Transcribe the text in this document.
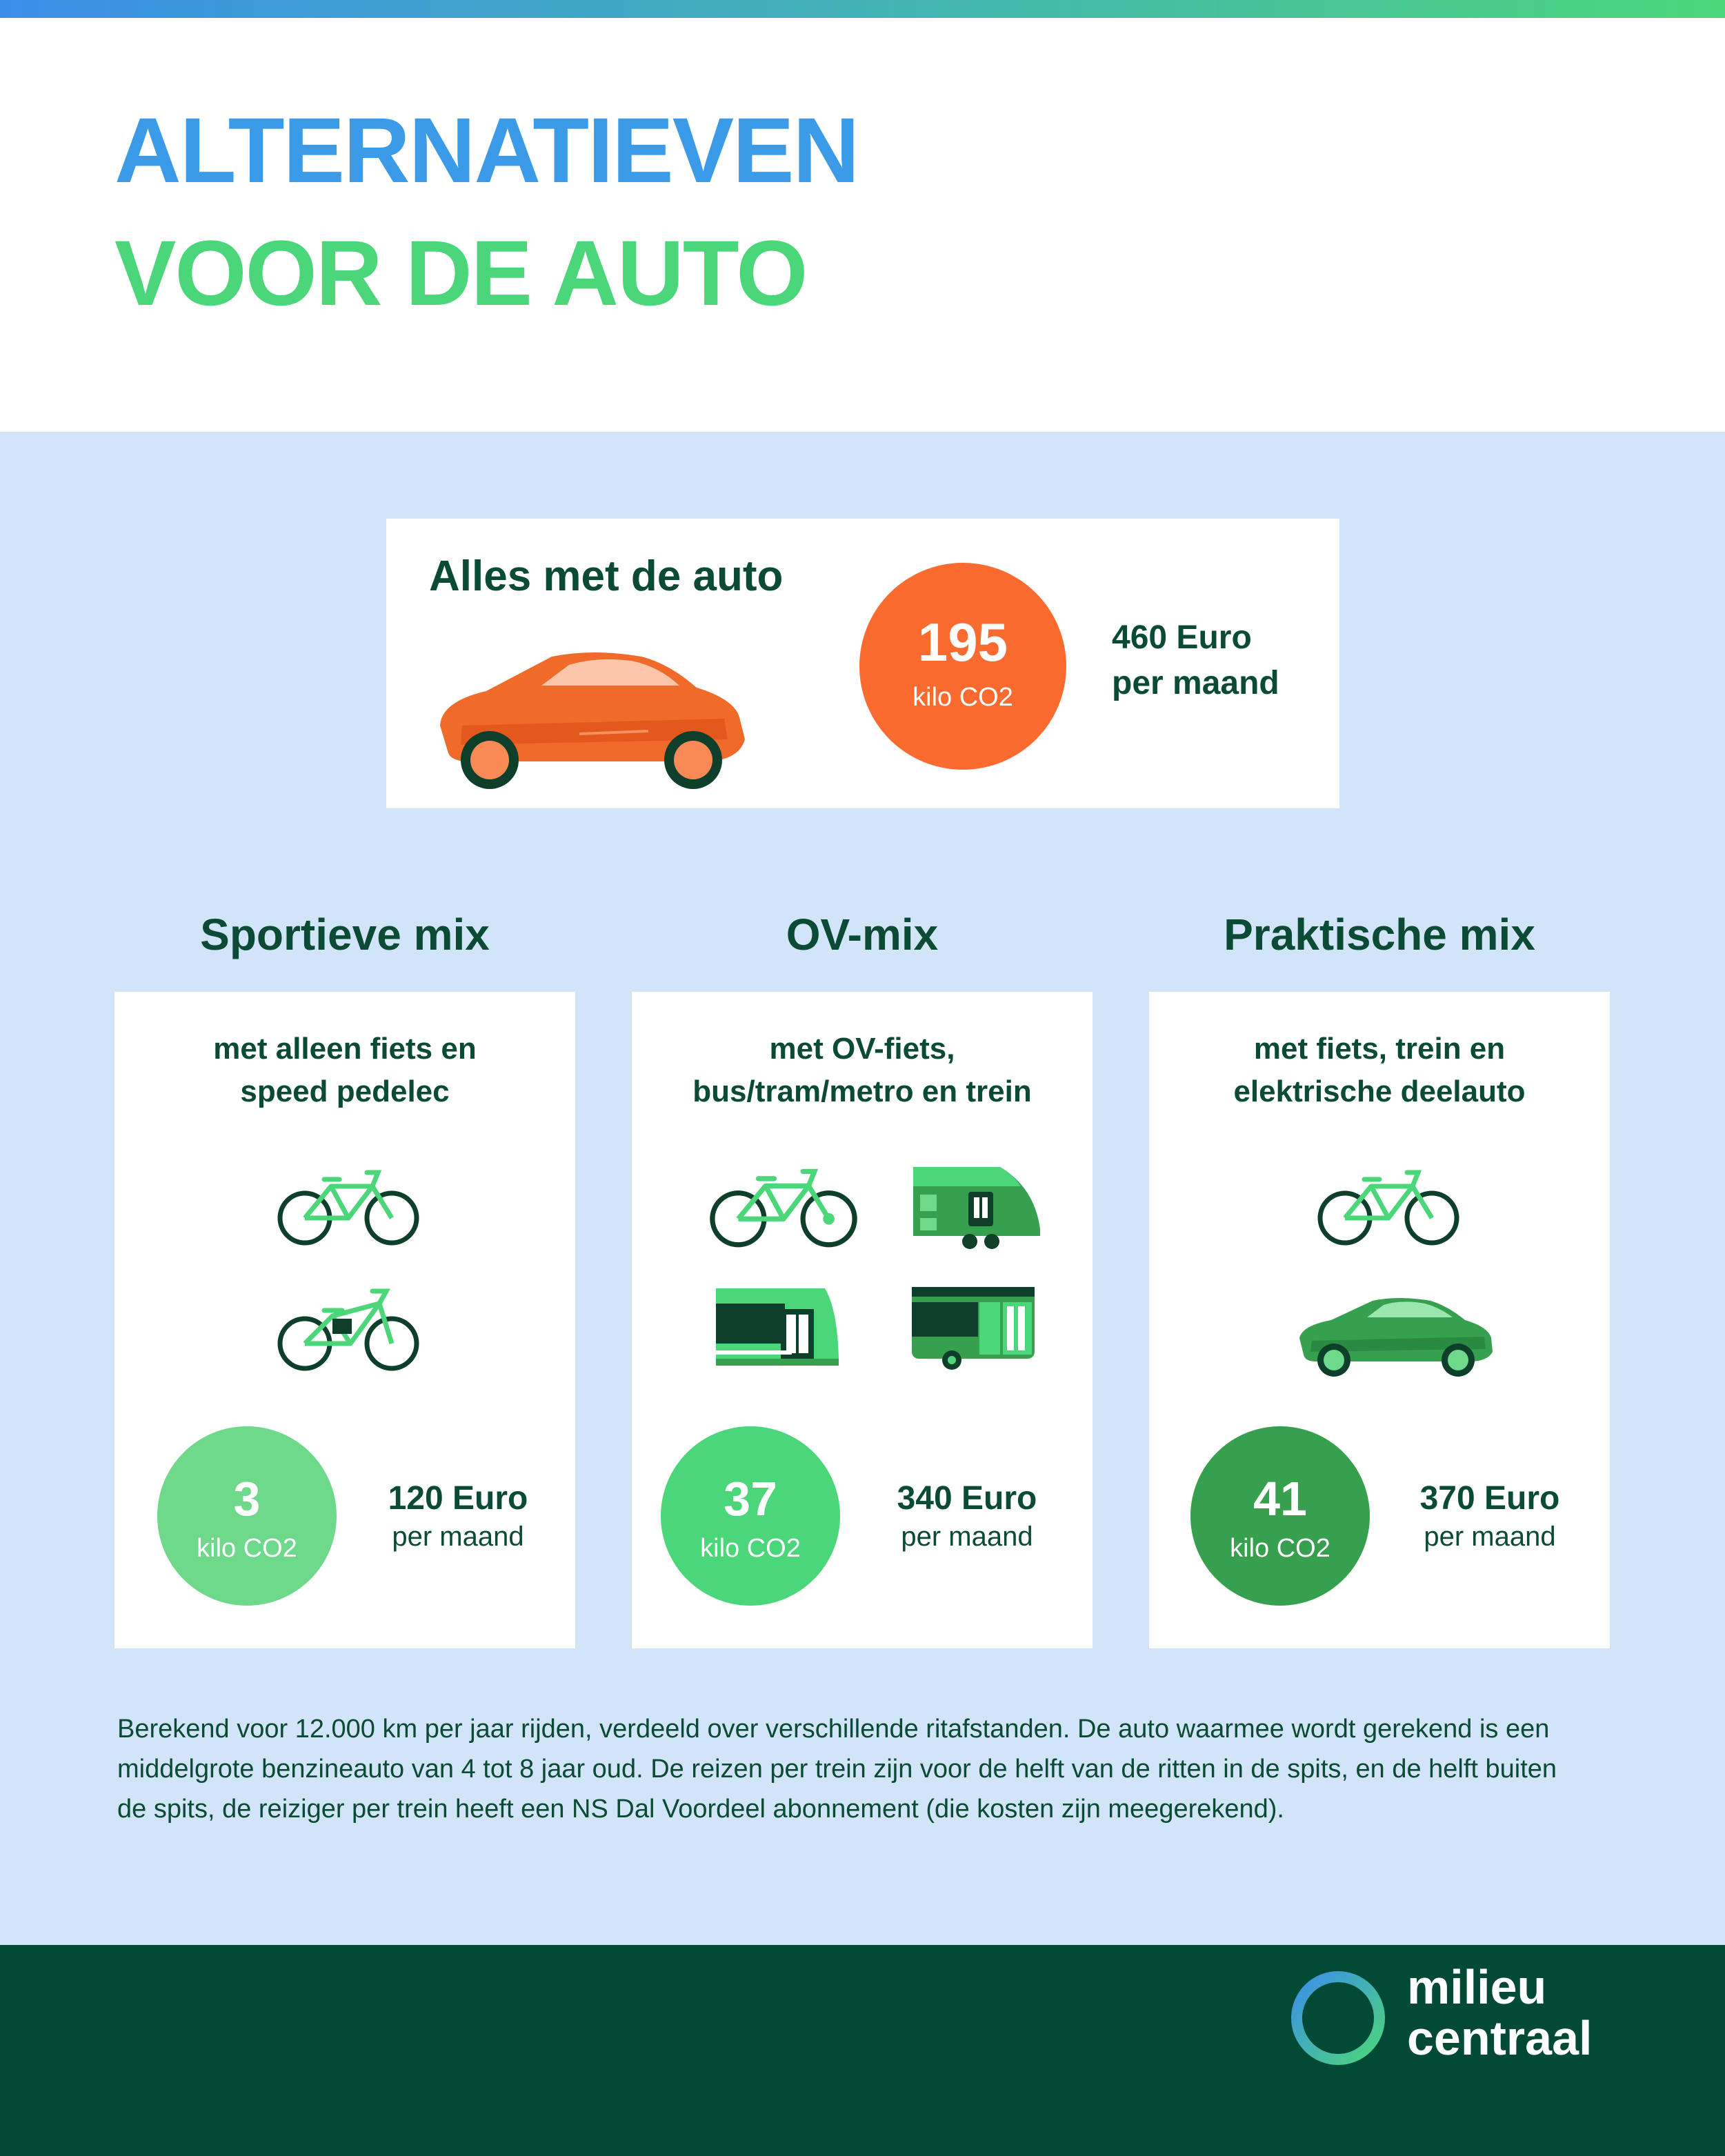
ALTERNATIEVEN
VOOR DE AUTO
Alles met de auto
195
kilo CO2
460 Euro
per maand
Sportieve mix	OV-mix	Praktische mix
met alleen fiets en
speed pedelec
3
kilo CO2
120 Euro
per maand
met OV-fiets,
bus/tram/metro en trein
37
kilo CO2
340 Euro
per maand
met fiets, trein en
elektrische deelauto
41
kilo CO2
370 Euro
per maand
Berekend voor 12.000 km per jaar rijden, verdeeld over verschillende ritafstanden. De auto waarmee wordt gerekend is een middelgrote benzineauto van 4 tot 8 jaar oud. De reizen per trein zijn voor de helft van de ritten in de spits, en de helft buiten de spits, de reiziger per trein heeft een NS Dal Voordeel abonnement (die kosten zijn meegerekend).
milieu
centraal
